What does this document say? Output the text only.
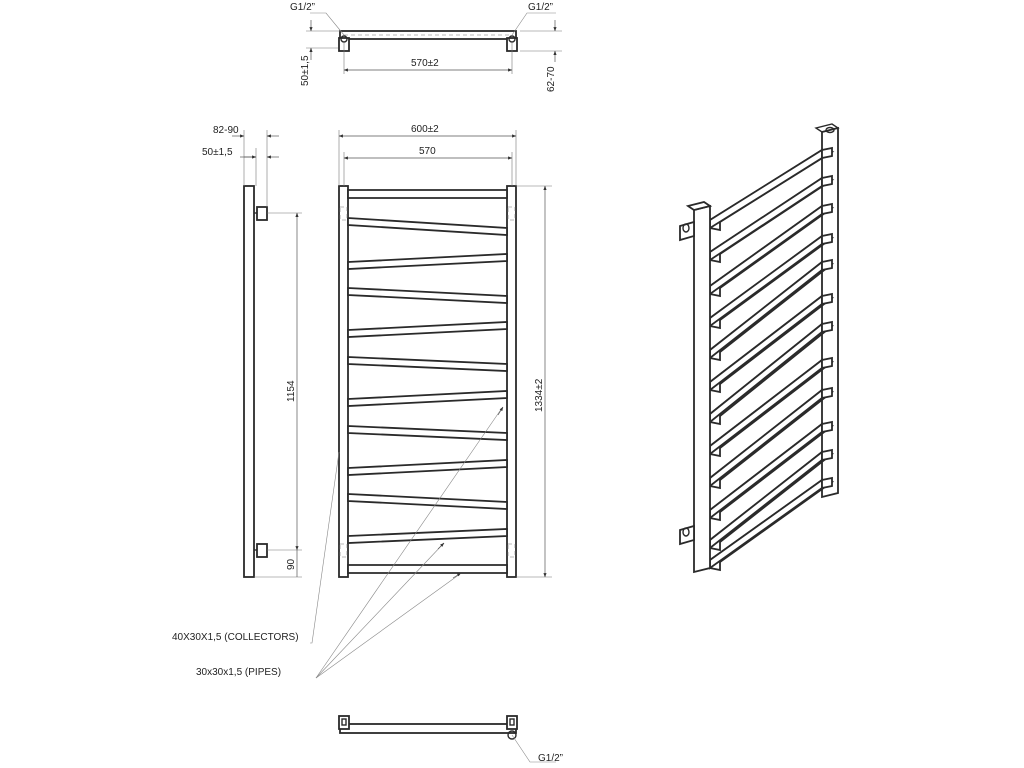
G1/2”	G1/2”
50±1,5	570±2
62-70
82-90
50±1,5
1154
90
600±2
570
1334±2
40X30X1,5 (COLLECTORS)
30x30x1,5 (PIPES)
G1/2”
